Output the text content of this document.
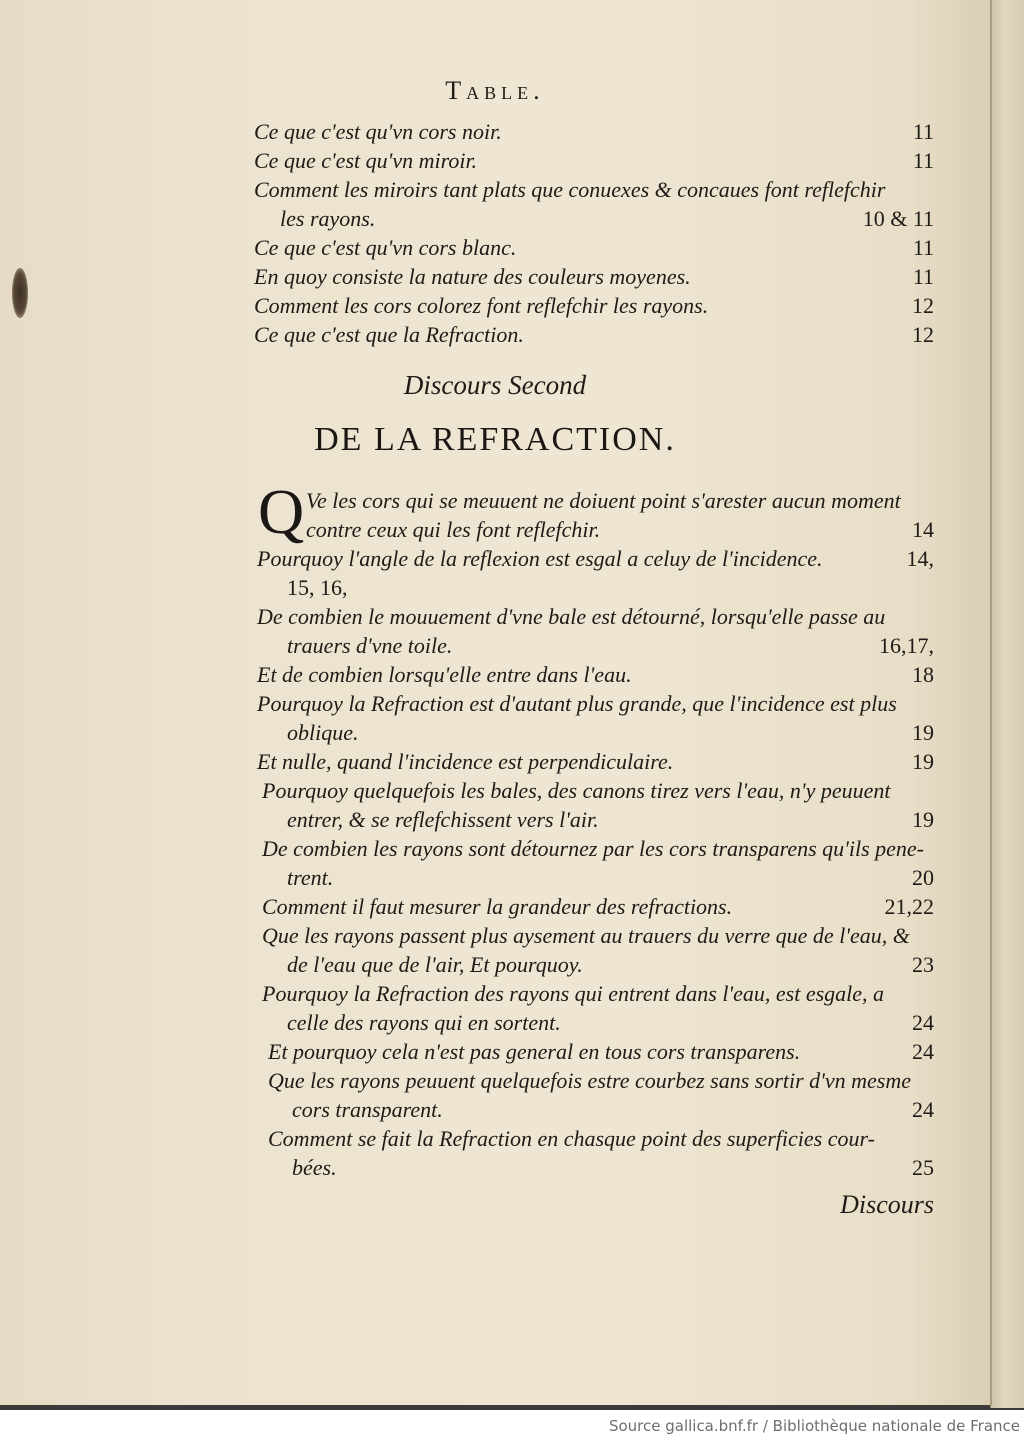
Table.
Ce que c'est qu'vn cors noir.	11
Ce que c'est qu'vn miroir.	11
Comment les miroirs tant plats que conuexes & concaues font reflefchir
les rayons.	10 & 11
Ce que c'est qu'vn cors blanc.	11
En quoy consiste la nature des couleurs moyenes.	11
Comment les cors colorez font reflefchir les rayons.	12
Ce que c'est que la Refraction.	12
Discours Second
DE LA REFRACTION.
Q Ve les cors qui se meuuent ne doiuent point s'arester aucun moment
contre ceux qui les font reflefchir.	14
Pourquoy l'angle de la reflexion est esgal a celuy de l'incidence.	14,
15, 16,
De combien le mouuement d'vne bale est détourné, lorsqu'elle passe au
trauers d'vne toile.	16,17,
Et de combien lorsqu'elle entre dans l'eau.	18
Pourquoy la Refraction est d'autant plus grande, que l'incidence est plus
oblique.	19
Et nulle, quand l'incidence est perpendiculaire.	19
Pourquoy quelquefois les bales, des canons tirez vers l'eau, n'y peuuent
entrer, & se reflefchissent vers l'air.	19
De combien les rayons sont détournez par les cors transparens qu'ils pene-
trent.	20
Comment il faut mesurer la grandeur des refractions.	21,22
Que les rayons passent plus aysement au trauers du verre que de l'eau, &
de l'eau que de l'air, Et pourquoy.	23
Pourquoy la Refraction des rayons qui entrent dans l'eau, est esgale, a
celle des rayons qui en sortent.	24
Et pourquoy cela n'est pas general en tous cors transparens.	24
Que les rayons peuuent quelquefois estre courbez sans sortir d'vn mesme
cors transparent.	24
Comment se fait la Refraction en chasque point des superficies cour-
bées.	25
Discours
Source gallica.bnf.fr / Bibliothèque nationale de France
